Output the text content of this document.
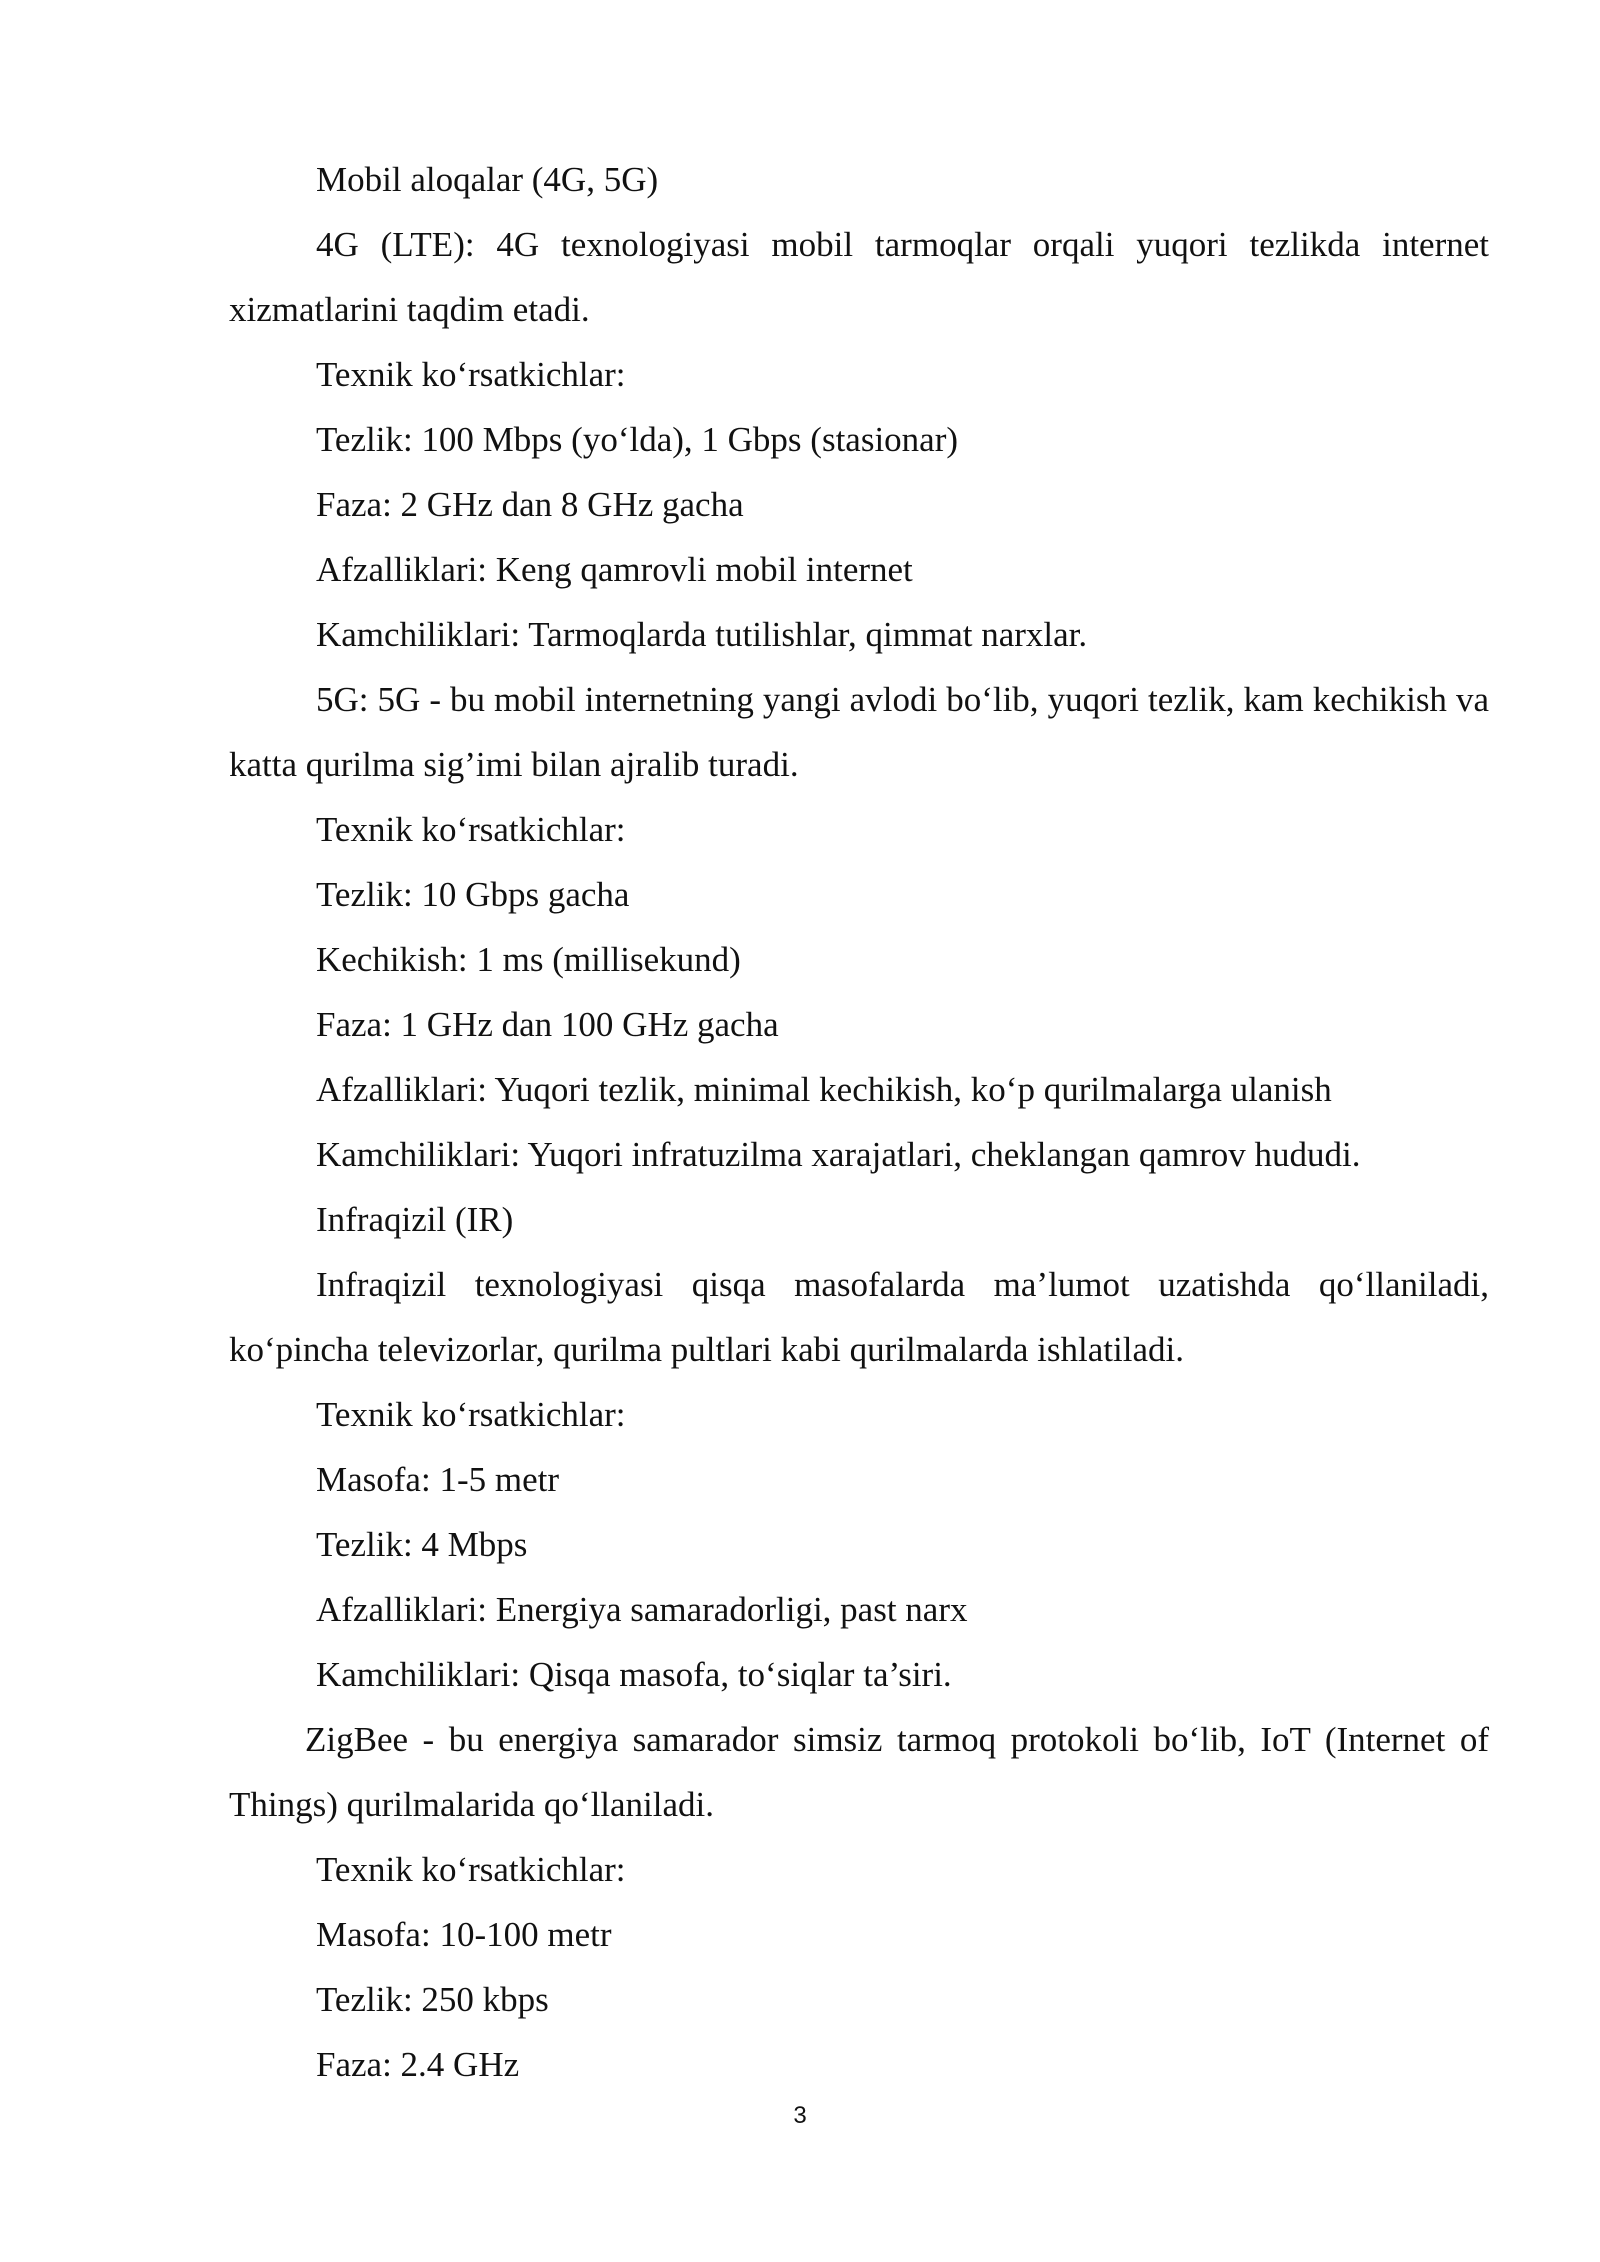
Mobil aloqalar (4G, 5G)

4G (LTE): 4G texnologiyasi mobil tarmoqlar orqali yuqori tezlikda internet xizmatlarini taqdim etadi.

Texnik ko‘rsatkichlar:

Tezlik: 100 Mbps (yo‘lda), 1 Gbps (stasionar)

Faza: 2 GHz dan 8 GHz gacha

Afzalliklari: Keng qamrovli mobil internet

Kamchiliklari: Tarmoqlarda tutilishlar, qimmat narxlar.

5G: 5G - bu mobil internetning yangi avlodi bo‘lib, yuqori tezlik, kam kechikish va katta qurilma sig’imi bilan ajralib turadi.

Texnik ko‘rsatkichlar:

Tezlik: 10 Gbps gacha

Kechikish: 1 ms (millisekund)

Faza: 1 GHz dan 100 GHz gacha

Afzalliklari: Yuqori tezlik, minimal kechikish, ko‘p qurilmalarga ulanish

Kamchiliklari: Yuqori infratuzilma xarajatlari, cheklangan qamrov hududi.

Infraqizil (IR)

Infraqizil texnologiyasi qisqa masofalarda ma’lumot uzatishda qo‘llaniladi, ko‘pincha televizorlar, qurilma pultlari kabi qurilmalarda ishlatiladi.

Texnik ko‘rsatkichlar:

Masofa: 1-5 metr

Tezlik: 4 Mbps

Afzalliklari: Energiya samaradorligi, past narx

Kamchiliklari: Qisqa masofa, to‘siqlar ta’siri.

ZigBee - bu energiya samarador simsiz tarmoq protokoli bo‘lib, IoT (Internet of Things) qurilmalarida qo‘llaniladi.

Texnik ko‘rsatkichlar:

Masofa: 10-100 metr

Tezlik: 250 kbps

Faza: 2.4 GHz

3
